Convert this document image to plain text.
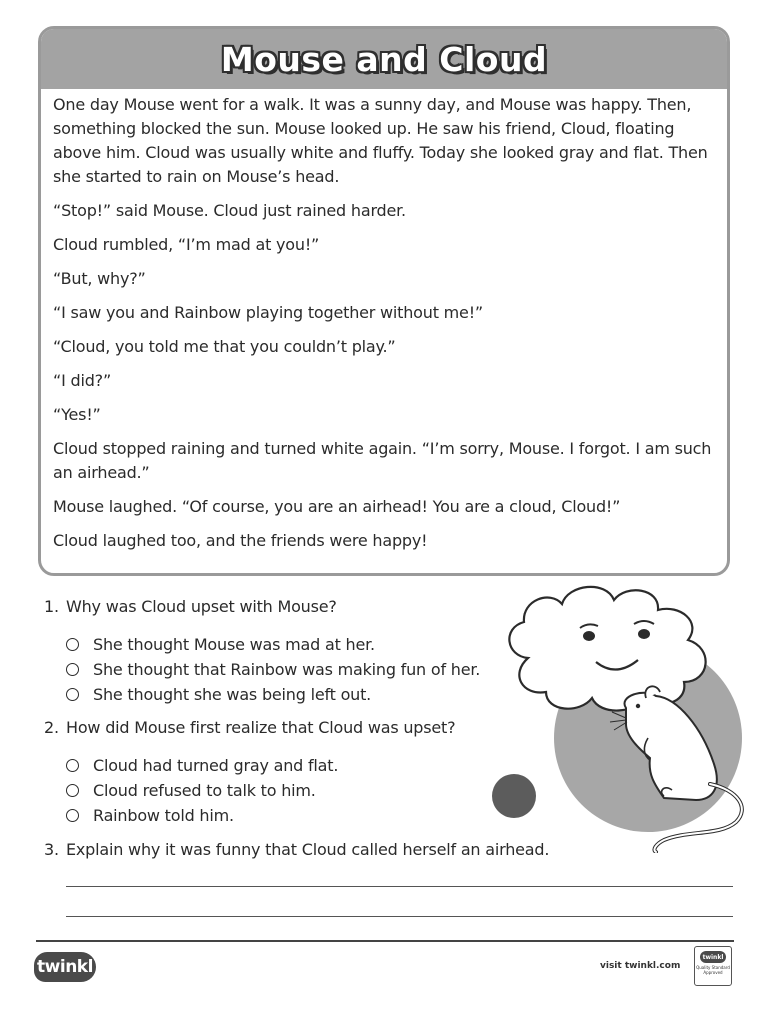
Mouse and Cloud

One day Mouse went for a walk. It was a sunny day, and Mouse was happy. Then, something blocked the sun. Mouse looked up. He saw his friend, Cloud, floating above him. Cloud was usually white and fluffy. Today she looked gray and flat. Then she started to rain on Mouse’s head.

“Stop!” said Mouse. Cloud just rained harder.

Cloud rumbled, “I’m mad at you!”

“But, why?”

“I saw you and Rainbow playing together without me!”

“Cloud, you told me that you couldn’t play.”

“I did?”

“Yes!”

Cloud stopped raining and turned white again. “I’m sorry, Mouse. I forgot. I am such an airhead.”

Mouse laughed. “Of course, you are an airhead! You are a cloud, Cloud!”

Cloud laughed too, and the friends were happy!

1. Why was Cloud upset with Mouse?
She thought Mouse was mad at her.
She thought that Rainbow was making fun of her.
She thought she was being left out.
2. How did Mouse first realize that Cloud was upset?
Cloud had turned gray and flat.
Cloud refused to talk to him.
Rainbow told him.
3. Explain why it was funny that Cloud called herself an airhead.
twinkl	visit twinkl.com
twinkl
Quality Standard Approved
